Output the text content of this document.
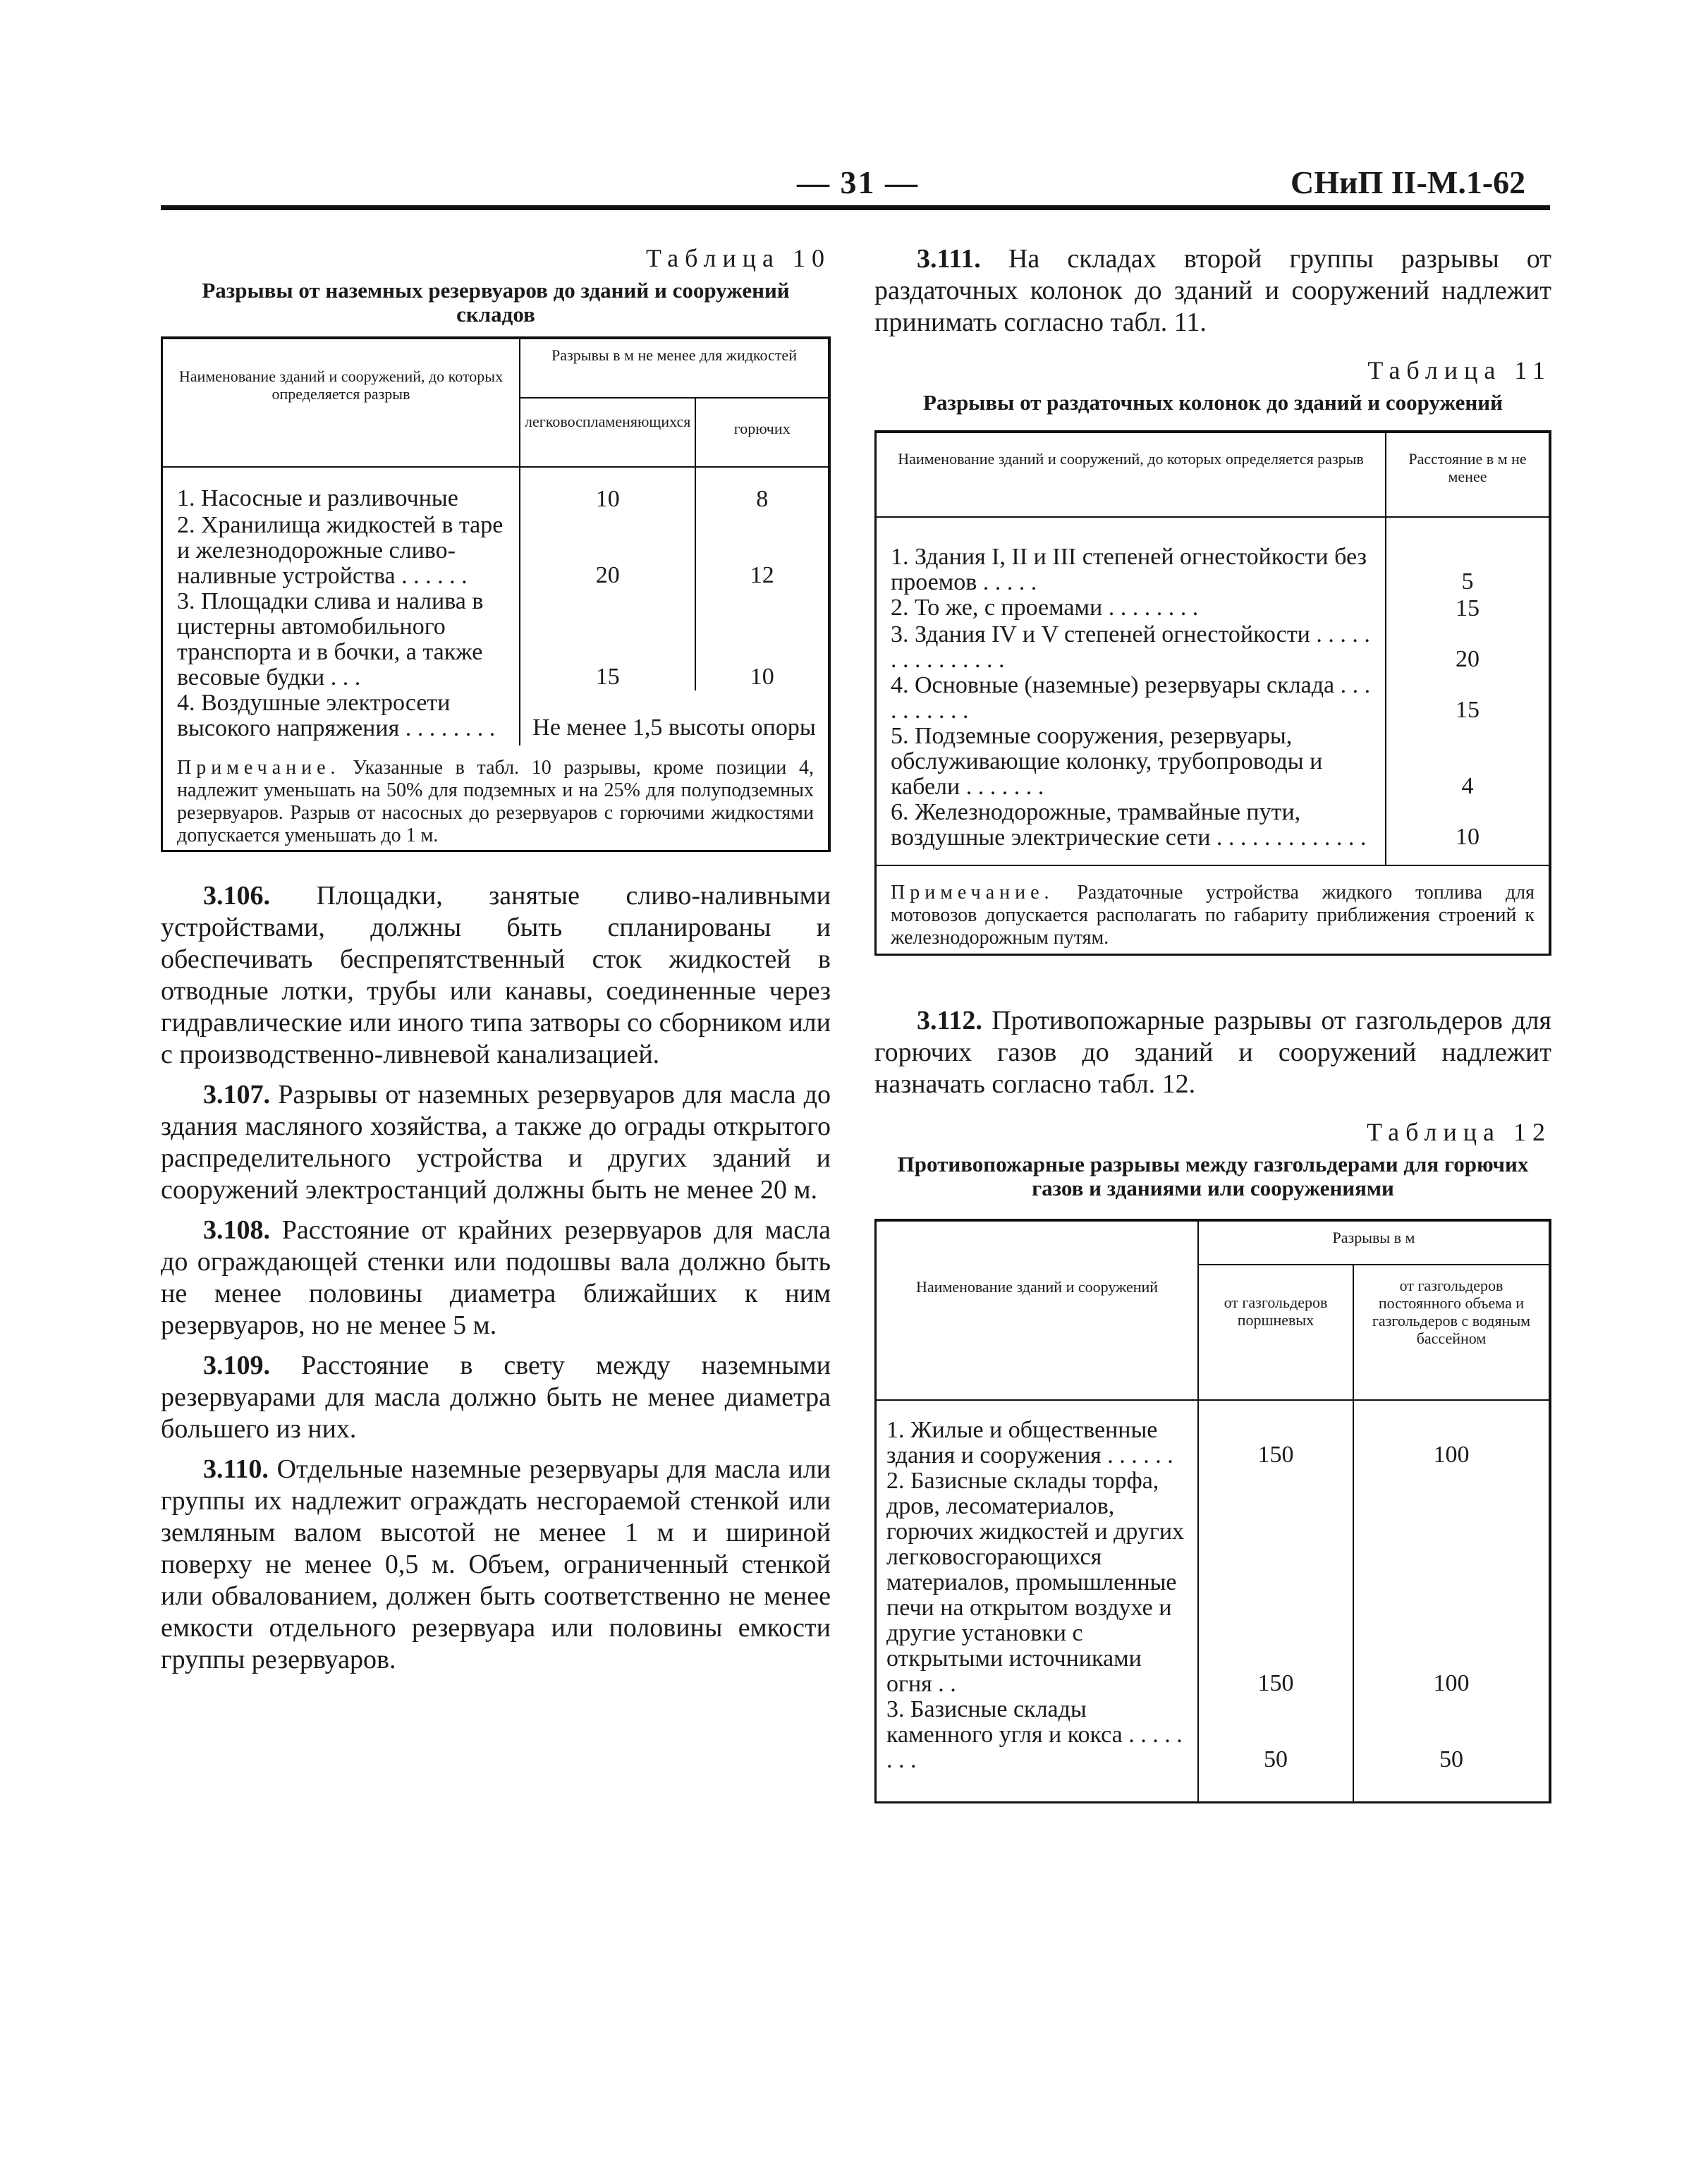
— 31 —	СНиП II-М.1-62
Таблица 10
Разрывы от наземных резервуаров до зданий и сооружений складов
Наименование зданий и сооружений, до которых определяется разрыв	Разрывы в м не менее для жидкостей	
	легковоспламеняющихся	горючих
1. Насосные и разливочные	10	8
2. Хранилища жидкостей в таре и железнодорожные сливо-наливные устройства . . . . . .	20	12
3. Площадки слива и налива в цистерны автомобильного транспорта и в бочки, а также весовые будки . . .	15	10
4. Воздушные электросети высокого напряжения . . . . . . . .	Не менее 1,5 высоты опоры	
Примечание. Указанные в табл. 10 разрывы, кроме позиции 4, надлежит уменьшать на 50% для подземных и на 25% для полуподземных резервуаров. Разрыв от насосных до резервуаров с горючими жидкостями допускается уменьшать до 1 м.

3.106. Площадки, занятые сливо-наливными устройствами, должны быть спланированы и обеспечивать беспрепятственный сток жидкостей в отводные лотки, трубы или канавы, соединенные через гидравлические или иного типа затворы со сборником или с производственно-ливневой канализацией.

3.107. Разрывы от наземных резервуаров для масла до здания масляного хозяйства, а также до ограды открытого распределительного устройства и других зданий и сооружений электростанций должны быть не менее 20 м.

3.108. Расстояние от крайних резервуаров для масла до ограждающей стенки или подошвы вала должно быть не менее половины диаметра ближайших к ним резервуаров, но не менее 5 м.

3.109. Расстояние в свету между наземными резервуарами для масла должно быть не менее диаметра большего из них.

3.110. Отдельные наземные резервуары для масла или группы их надлежит ограждать несгораемой стенкой или земляным валом высотой не менее 1 м и шириной поверху не менее 0,5 м. Объем, ограниченный стенкой или обвалованием, должен быть соответственно не менее емкости отдельного резервуара или половины емкости группы резервуаров.

3.111. На складах второй группы разрывы от раздаточных колонок до зданий и сооружений надлежит принимать согласно табл. 11.

Таблица 11
Разрывы от раздаточных колонок до зданий и сооружений
Наименование зданий и сооружений, до которых определяется разрыв	Расстояние в м не менее
1. Здания I, II и III степеней огнестойкости без проемов . . . . .	5
2. То же, с проемами . . . . . . . .	15
3. Здания IV и V степеней огнестойкости . . . . . . . . . . . . . . .	20
4. Основные (наземные) резервуары склада . . . . . . . . . .	15
5. Подземные сооружения, резервуары, обслуживающие колонку, трубопроводы и кабели . . . . . . .	4
6. Железнодорожные, трамвайные пути, воздушные электрические сети . . . . . . . . . . . . .	10
Примечание. Раздаточные устройства жидкого топлива для мотовозов допускается располагать по габариту приближения строений к железнодорожным путям.

3.112. Противопожарные разрывы от газгольдеров для горючих газов до зданий и сооружений надлежит назначать согласно табл. 12.

Таблица 12
Противопожарные разрывы между газгольдерами для горючих газов и зданиями или сооружениями
Наименование зданий и сооружений	Разрывы в м	
	от газгольдеров поршневых	от газгольдеров постоянного объема и газгольдеров с водяным бассейном
1. Жилые и общественные здания и сооружения . . . . . .	150	100
2. Базисные склады торфа, дров, лесоматериалов, горючих жидкостей и других легковосгорающихся материалов, промышленные печи на открытом воздухе и другие установки с открытыми источниками огня . .	150	100
3. Базисные склады каменного угля и кокса . . . . . . . .	50	50
